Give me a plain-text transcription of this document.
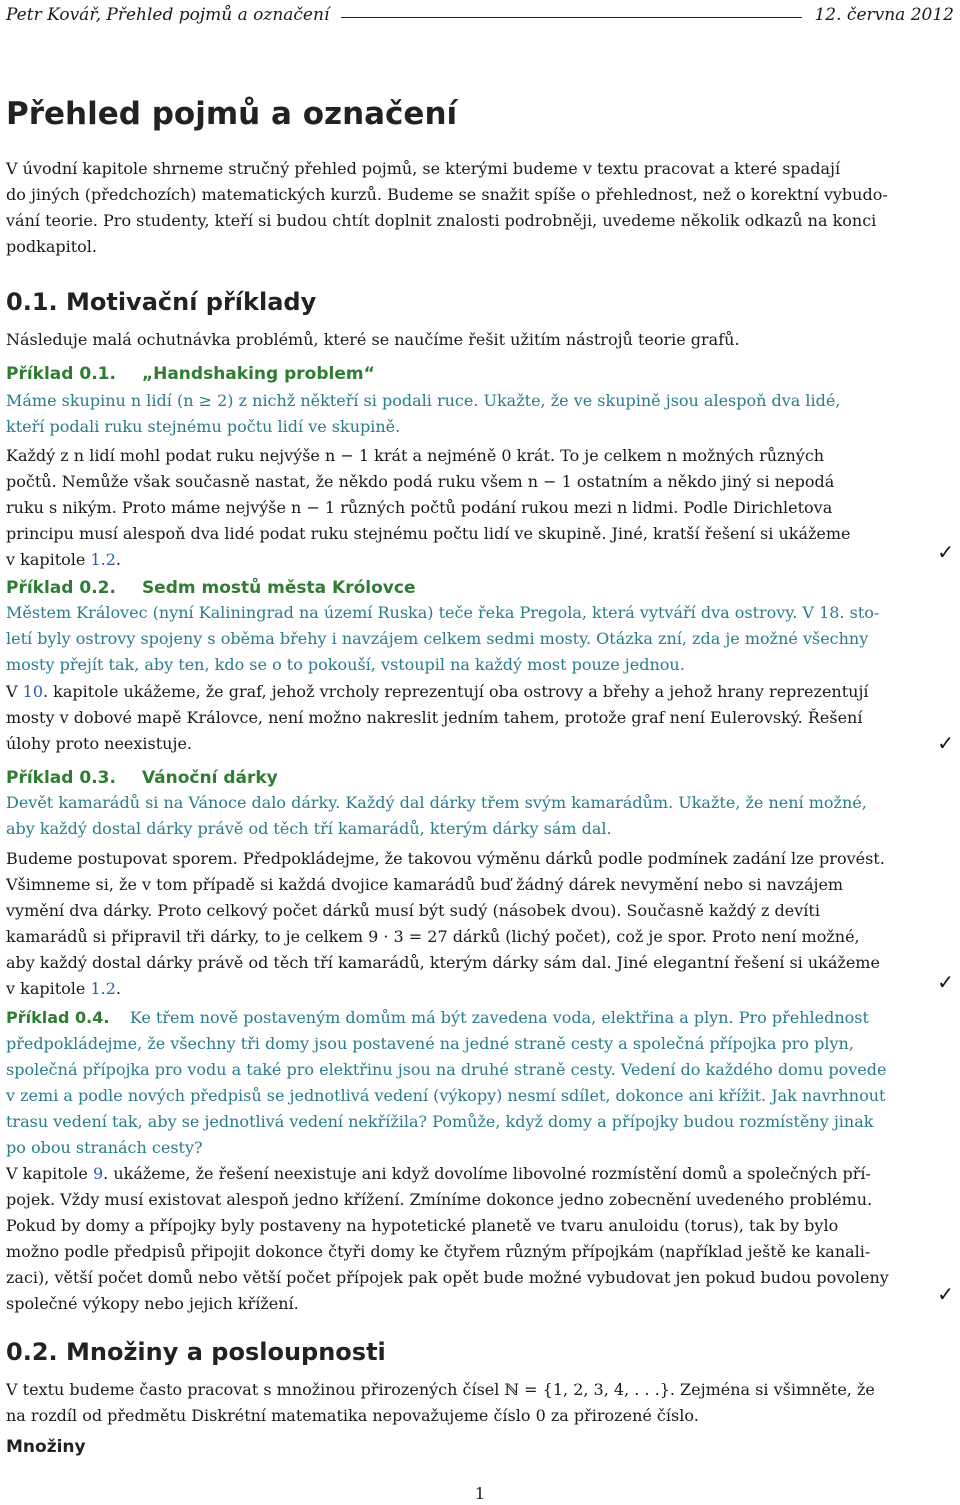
Petr Kovář, Přehled pojmů a označení	12. června 2012
Přehled pojmů a označení

V úvodní kapitole shrneme stručný přehled pojmů, se kterými budeme v textu pracovat a které spadají
do jiných (předchozích) matematických kurzů. Budeme se snažit spíše o přehlednost, než o korektní vybudo-
vání teorie. Pro studenty, kteří si budou chtít doplnit znalosti podrobněji, uvedeme několik odkazů na konci
podkapitol.

0.1. Motivační příklady

Následuje malá ochutnávka problémů, které se naučíme řešit užitím nástrojů teorie grafů.

Příklad 0.1. „Handshaking problem“

Máme skupinu n lidí (n ≥ 2) z nichž někteří si podali ruce. Ukažte, že ve skupině jsou alespoň dva lidé,
kteří podali ruku stejnému počtu lidí ve skupině.

Každý z n lidí mohl podat ruku nejvýše n − 1 krát a nejméně 0 krát. To je celkem n možných různých
počtů. Nemůže však současně nastat, že někdo podá ruku všem n − 1 ostatním a někdo jiný si nepodá
ruku s nikým. Proto máme nejvýše n − 1 různých počtů podání rukou mezi n lidmi. Podle Dirichletova
principu musí alespoň dva lidé podat ruku stejnému počtu lidí ve skupině. Jiné, kratší řešení si ukážeme
v kapitole 1.2.	✓
Příklad 0.2. Sedm mostů města Królovce

Městem Královec (nyní Kaliningrad na území Ruska) teče řeka Pregola, která vytváří dva ostrovy. V 18. sto-
letí byly ostrovy spojeny s oběma břehy i navzájem celkem sedmi mosty. Otázka zní, zda je možné všechny
mosty přejít tak, aby ten, kdo se o to pokouší, vstoupil na každý most pouze jednou.

V 10. kapitole ukážeme, že graf, jehož vrcholy reprezentují oba ostrovy a břehy a jehož hrany reprezentují
mosty v dobové mapě Královce, není možno nakreslit jedním tahem, protože graf není Eulerovský. Řešení
úlohy proto neexistuje.	✓
Příklad 0.3. Vánoční dárky

Devět kamarádů si na Vánoce dalo dárky. Každý dal dárky třem svým kamarádům. Ukažte, že není možné,
aby každý dostal dárky právě od těch tří kamarádů, kterým dárky sám dal.

Budeme postupovat sporem. Předpokládejme, že takovou výměnu dárků podle podmínek zadání lze provést.
Všimneme si, že v tom případě si každá dvojice kamarádů buď žádný dárek nevymění nebo si navzájem
vymění dva dárky. Proto celkový počet dárků musí být sudý (násobek dvou). Současně každý z devíti
kamarádů si připravil tři dárky, to je celkem 9 · 3 = 27 dárků (lichý počet), což je spor. Proto není možné,
aby každý dostal dárky právě od těch tří kamarádů, kterým dárky sám dal. Jiné elegantní řešení si ukážeme
v kapitole 1.2.	✓

Příklad 0.4. Ke třem nově postaveným domům má být zavedena voda, elektřina a plyn. Pro přehlednost
předpokládejme, že všechny tři domy jsou postavené na jedné straně cesty a společná přípojka pro plyn,
společná přípojka pro vodu a také pro elektřinu jsou na druhé straně cesty. Vedení do každého domu povede
v zemi a podle nových předpisů se jednotlivá vedení (výkopy) nesmí sdílet, dokonce ani křížit. Jak navrhnout
trasu vedení tak, aby se jednotlivá vedení nekřížila? Pomůže, když domy a přípojky budou rozmístěny jinak
po obou stranách cesty?

V kapitole 9. ukážeme, že řešení neexistuje ani když dovolíme libovolné rozmístění domů a společných pří-
pojek. Vždy musí existovat alespoň jedno křížení. Zmíníme dokonce jedno zobecnění uvedeného problému.
Pokud by domy a přípojky byly postaveny na hypotetické planetě ve tvaru anuloidu (torus), tak by bylo
možno podle předpisů připojit dokonce čtyři domy ke čtyřem různým přípojkám (například ještě ke kanali-
zaci), větší počet domů nebo větší počet přípojek pak opět bude možné vybudovat jen pokud budou povoleny
společné výkopy nebo jejich křížení.	✓
0.2. Množiny a posloupnosti

V textu budeme často pracovat s množinou přirozených čísel ℕ = {1, 2, 3, 4, . . .}. Zejména si všimněte, že
na rozdíl od předmětu Diskrétní matematika nepovažujeme číslo 0 za přirozené číslo.

Množiny
1
